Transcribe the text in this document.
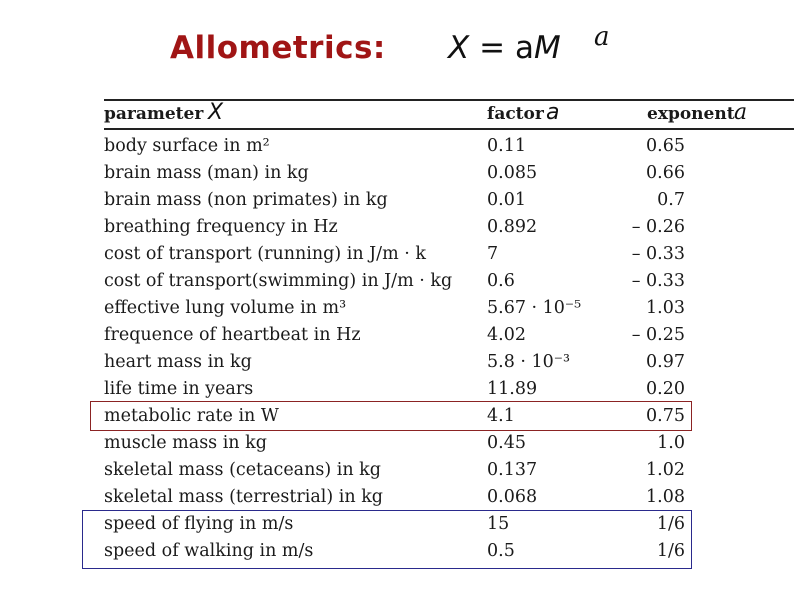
Allometrics: X = aM a
parameter X	factor a	exponent a
body surface in m²	0.11	0.65
brain mass (man) in kg	0.085	0.66
brain mass (non primates) in kg	0.01	0.7
breathing frequency in Hz	0.892	– 0.26
cost of transport (running) in J/m · k	7	– 0.33
cost of transport(swimming) in J/m · kg 0.6	– 0.33
effective lung volume in m³	5.67 · 10⁻⁵	1.03
frequence of heartbeat in Hz	4.02	– 0.25
heart mass in kg	5.8 · 10⁻³	0.97
life time in years	11.89	0.20
metabolic rate in W	4.1	0.75
muscle mass in kg	0.45	1.0
skeletal mass (cetaceans) in kg	0.137	1.02
skeletal mass (terrestrial) in kg	0.068	1.08
speed of flying in m/s	15	1/6
speed of walking in m/s	0.5	1/6
